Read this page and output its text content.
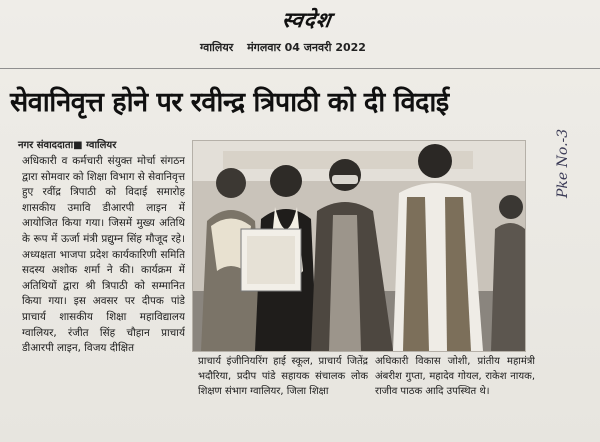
स्वदेश
ग्वालियर मंगलवार 04 जनवरी 2022
Pke No.-3
सेवानिवृत्त होने पर रवीन्द्र त्रिपाठी को दी विदाई
नगर संवाददाता■ ग्वालियर
अधिकारी व कर्मचारी संयुक्त मोर्चा संगठन द्वारा सोमवार को शिक्षा विभाग से सेवानिवृत्त हुए रवींद्र त्रिपाठी को विदाई समारोह शासकीय उमावि डीआरपी लाइन में आयोजित किया गया। जिसमें मुख्य अतिथि के रूप में ऊर्जा मंत्री प्रद्युम्न सिंह मौजूद रहे। अध्यक्षता भाजपा प्रदेश कार्यकारिणी समिति सदस्य अशोक शर्मा ने की। कार्यक्रम में अतिथियों द्वारा श्री त्रिपाठी को सम्मानित किया गया। इस अवसर पर दीपक पांडे प्राचार्य शासकीय शिक्षा महाविद्यालय ग्वालियर, रंजीत सिंह चौहान प्राचार्य डीआरपी लाइन, विजय दीक्षित
प्राचार्य इंजीनियरिंग हाई स्कूल, प्राचार्य जितेंद्र भदौरिया, प्रदीप पांडे सहायक संचालक लोक शिक्षण संभाग ग्वालियर, जिला शिक्षा
अधिकारी विकास जोशी, प्रांतीय महामंत्री अंबरीश गुप्ता, महादेव गोयल, राकेश नायक, राजीव पाठक आदि उपस्थित थे।
